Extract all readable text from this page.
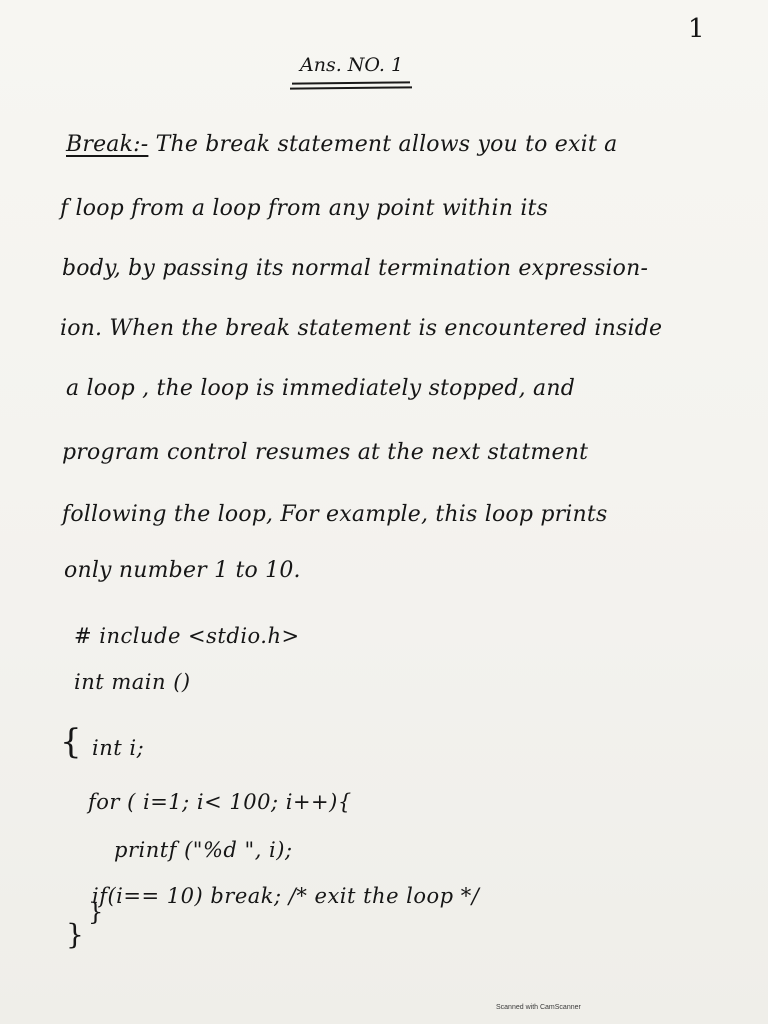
1
Ans. NO. 1
Break:- The break statement allows you to exit a
f loop from a loop from any point within its
body, by passing its normal termination expression-
ion. When the break statement is encountered inside
a loop , the loop is immediately stopped, and
program control resumes at the next statment
following the loop, For example, this loop prints
only number 1 to 10.
# include <stdio.h>
int main ()
{ int i;
for ( i=1; i< 100; i++){
printf ("%d ", i);
if(i== 10) break; /* exit the loop */
}
}
Scanned with CamScanner
